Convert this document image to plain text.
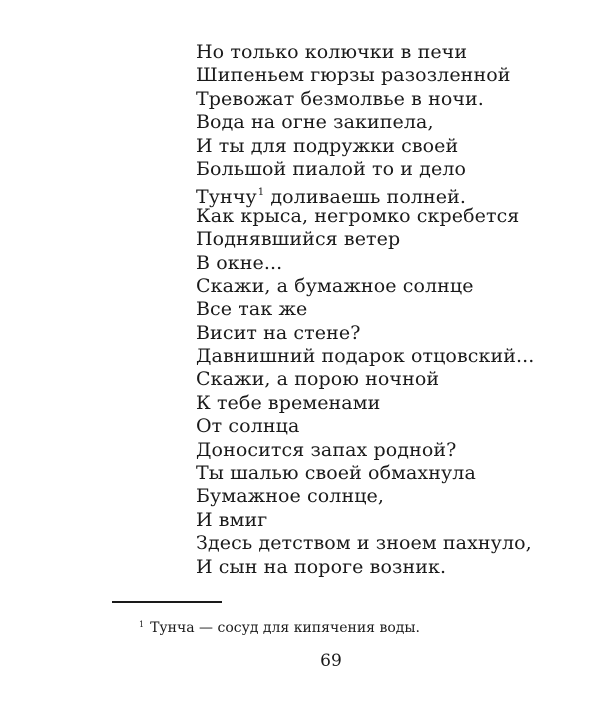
Но только колючки в печи
Шипеньем гюрзы разозленной
Тревожат безмолвье в ночи.
Вода на огне закипела,
И ты для подружки своей
Большой пиалой то и дело
Тунчу$^1$ доливаешь полней.
Как крыса, негромко скребется
Поднявшийся ветер
В окне...
Скажи, а бумажное солнце
Все так же
Висит на стене?
Давнишний подарок отцовский...
Скажи, а порою ночной
К тебе временами
От солнца
Доносится запах родной?
Ты шалью своей обмахнула
Бумажное солнце,
И вмиг
Здесь детством и зноем пахнуло,
И сын на пороге возник.
$^1$ Тунча — сосуд для кипячения воды.
69
